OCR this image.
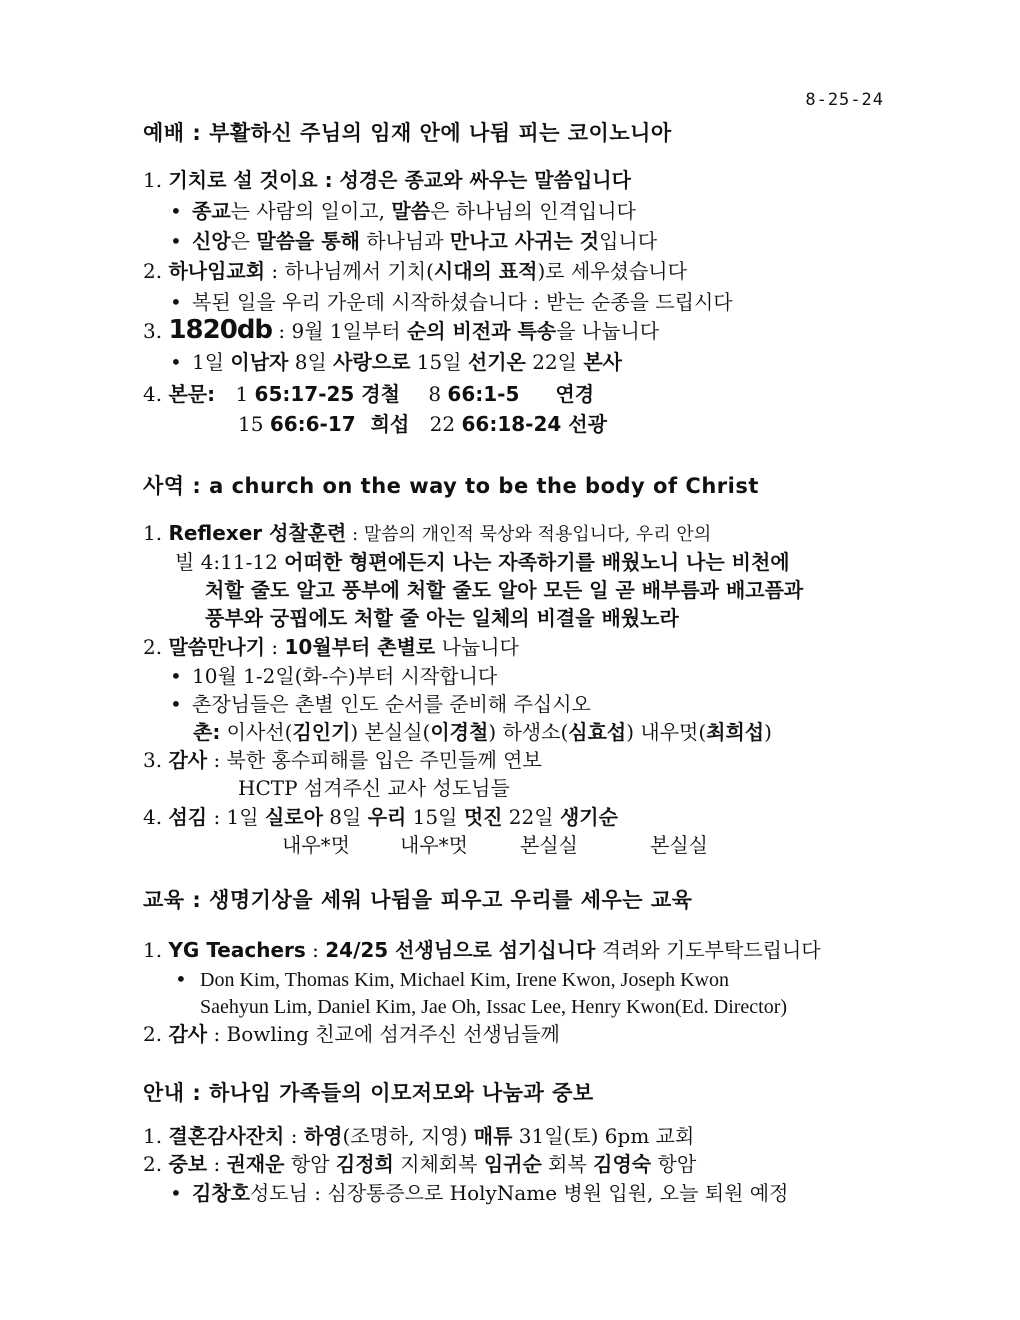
8-25-24
예배 : 부활하신 주님의 임재 안에 나뒴 피는 코이노니아
1. 기치로 설 것이요 : 성경은 종교와 싸우는 말씀입니다
• 종교는 사람의 일이고, 말씀은 하나님의 인격입니다
• 신앙은 말씀을 통해 하나님과 만나고 사귀는 것입니다
2. 하나임교회 : 하나님께서 기치(시대의 표적)로 세우셨습니다
• 복된 일을 우리 가운데 시작하셨습니다 : 받는 순종을 드립시다
3. 1820db : 9월 1일부터 순의 비전과 특송을 나눕니다
• 1일 이남자 8일 사랑으로 15일 선기온 22일 본사
4. 본문: 1 65:17-25 경철 8 66:1-5 연경
15 66:6-17 희섭 22 66:18-24 선광
사역 : a church on the way to be the body of Christ
1. Reflexer 성찰훈련 : 말씀의 개인적 묵상와 적용입니다, 우리 안의
빌 4:11-12 어떠한 형편에든지 나는 자족하기를 배웠노니 나는 비천에
처할 줄도 알고 풍부에 처할 줄도 알아 모든 일 곧 배부름과 배고픔과
풍부와 궁핍에도 처할 줄 아는 일체의 비결을 배웠노라
2. 말씀만나기 : 10월부터 촌별로 나눕니다
• 10월 1-2일(화-수)부터 시작합니다
• 촌장님들은 촌별 인도 순서를 준비해 주십시오
촌: 이사선(김인기) 본실실(이경철) 하생소(심효섭) 내우멋(최희섭)
3. 감사 : 북한 홍수피해를 입은 주민들께 연보
HCTP 섬겨주신 교사 성도님들
4. 섬김 : 1일 실로아 8일 우리 15일 멋진 22일 생기순
내우*멋	내우*멋	본실실	본실실
교육 : 생명기상을 세워 나뒴을 피우고 우리를 세우는 교육
1. YG Teachers : 24/25 선생님으로 섬기십니다 격려와 기도부탁드립니다
• Don Kim, Thomas Kim, Michael Kim, Irene Kwon, Joseph Kwon
Saehyun Lim, Daniel Kim, Jae Oh, Issac Lee, Henry Kwon(Ed. Director)
2. 감사 : Bowling 친교에 섬겨주신 선생님들께
안내 : 하나임 가족들의 이모저모와 나눔과 중보
1. 결혼감사잔치 : 하영(조명하, 지영) 매튜 31일(토) 6pm 교회
2. 중보 : 권재운 항암 김정희 지체회복 임귀순 회복 김영숙 항암
• 김창호성도님 : 심장통증으로 HolyName 병원 입원, 오늘 퇴원 예정
